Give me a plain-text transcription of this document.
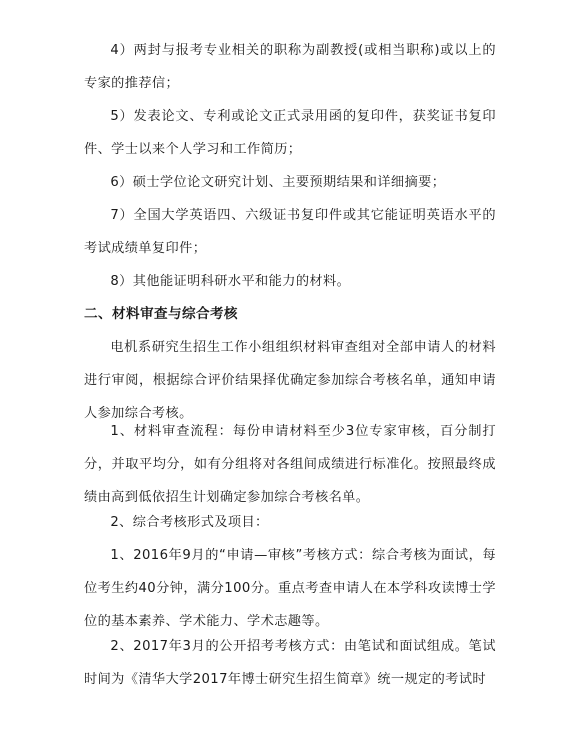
4）两封与报考专业相关的职称为副教授(或相当职称)或以上的专家的推荐信；

5）发表论文、专利或论文正式录用函的复印件，获奖证书复印件、学士以来个人学习和工作简历；

6）硕士学位论文研究计划、主要预期结果和详细摘要；

7）全国大学英语四、六级证书复印件或其它能证明英语水平的考试成绩单复印件；

8）其他能证明科研水平和能力的材料。

二、材料审查与综合考核

电机系研究生招生工作小组组织材料审查组对全部申请人的材料进行审阅，根据综合评价结果择优确定参加综合考核名单，通知申请人参加综合考核。

1、材料审查流程：每份申请材料至少3位专家审核，百分制打分，并取平均分，如有分组将对各组间成绩进行标准化。按照最终成绩由高到低依招生计划确定参加综合考核名单。

2、综合考核形式及项目：

1、2016年9月的“申请—审核”考核方式：综合考核为面试，每位考生约40分钟，满分100分。重点考查申请人在本学科攻读博士学位的基本素养、学术能力、学术志趣等。

2、2017年3月的公开招考考核方式：由笔试和面试组成。笔试时间为《清华大学2017年博士研究生招生简章》统一规定的考试时
